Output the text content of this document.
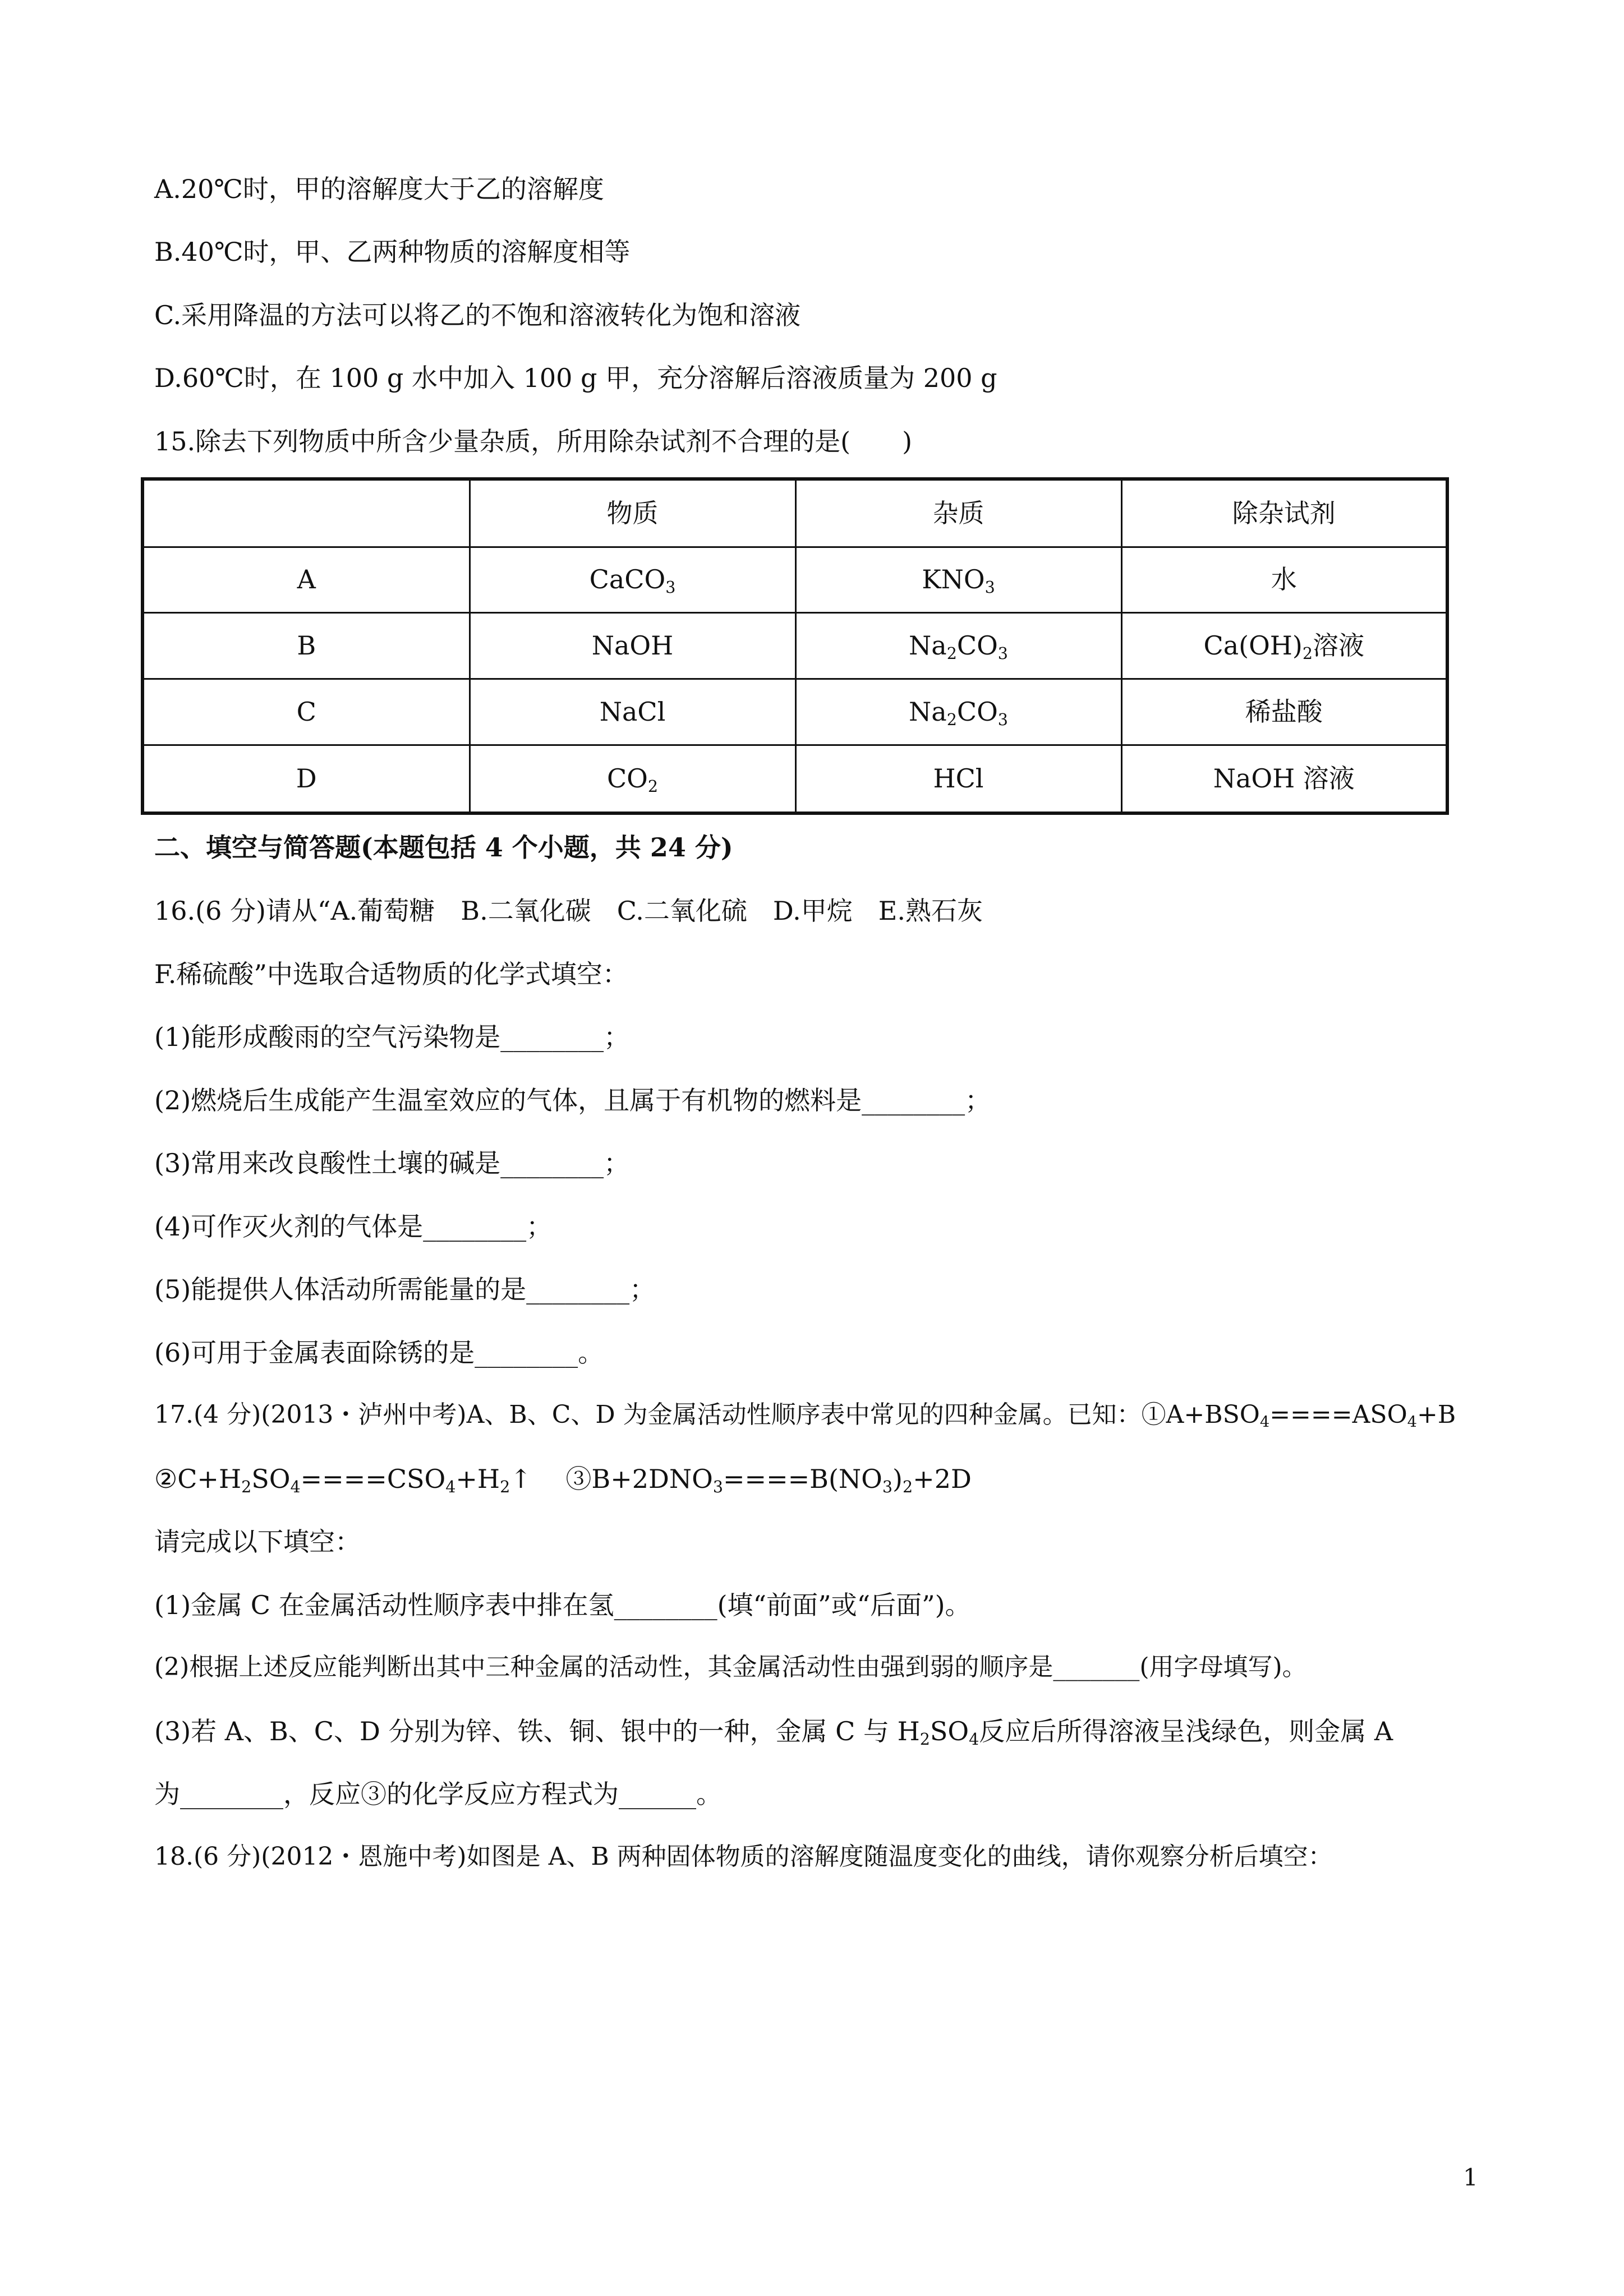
A.20℃时，甲的溶解度大于乙的溶解度
B.40℃时，甲、乙两种物质的溶解度相等
C.采用降温的方法可以将乙的不饱和溶液转化为饱和溶液
D.60℃时，在 100 g 水中加入 100 g 甲，充分溶解后溶液质量为 200 g
15.除去下列物质中所含少量杂质，所用除杂试剂不合理的是(　　)
	物质	杂质	除杂试剂
A	CaCO$_3$	$KNO_3$	水
B	NaOH	$Na_2CO_3$	$Ca(OH)_2$溶液
C	NaCl	$Na_2CO_3$	稀盐酸
D	$CO_2$	HCl	NaOH 溶液
二、填空与简答题(本题包括 4 个小题，共 24 分)
16.(6 分)请从“A.葡萄糖　B.二氧化碳　C.二氧化硫　D.甲烷　E.熟石灰
F.稀硫酸”中选取合适物质的化学式填空：
(1)能形成酸雨的空气污染物是________；
(2)燃烧后生成能产生温室效应的气体，且属于有机物的燃料是________；
(3)常用来改良酸性土壤的碱是________；
(4)可作灭火剂的气体是________；
(5)能提供人体活动所需能量的是________；
(6)可用于金属表面除锈的是________。
17.(4 分)(2013・泸州中考)A、B、C、D 为金属活动性顺序表中常见的四种金属。已知：$①A+BSO_4====ASO_4+B$
$②C+H_2SO_4====CSO_4+H_2↑$　 $③B+2DNO_3====B(NO_3)_2+2D$
请完成以下填空：
(1)金属 C 在金属活动性顺序表中排在氢________(填“前面”或“后面”)。
(2)根据上述反应能判断出其中三种金属的活动性，其金属活动性由强到弱的顺序是_______(用字母填写)。
(3)若 A、B、C、D 分别为锌、铁、铜、银中的一种，金属 C 与 $H_2SO_4$反应后所得溶液呈浅绿色，则金属 A
为________，反应③的化学反应方程式为______。
18.(6 分)(2012・恩施中考)如图是 A、B 两种固体物质的溶解度随温度变化的曲线，请你观察分析后填空：
1
